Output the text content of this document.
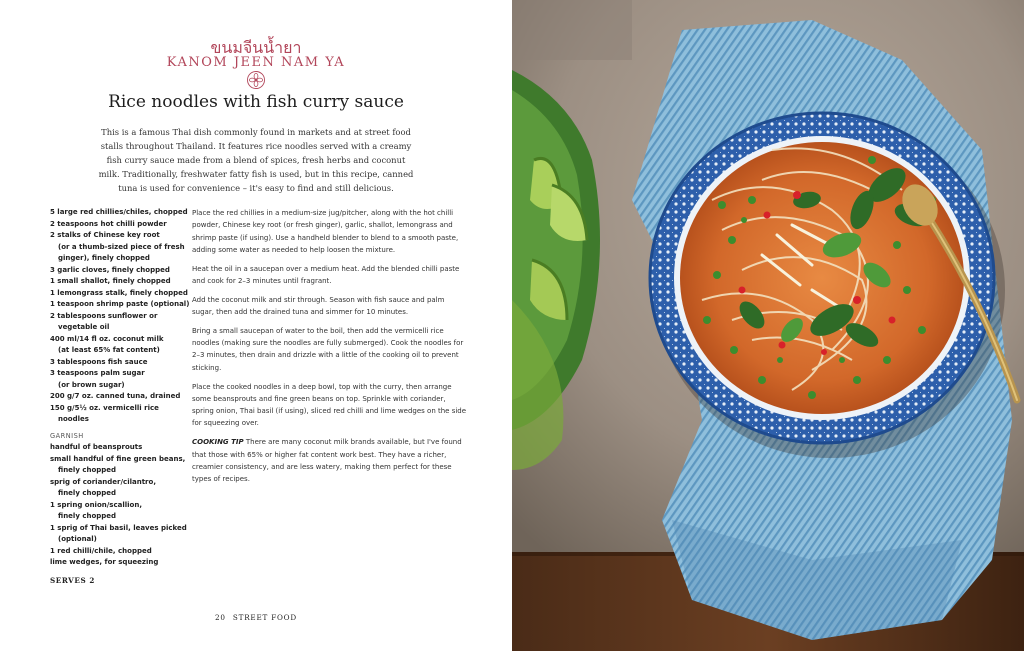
ขนมจีนน้ำยา
KANOM JEEN NAM YA
Rice noodles with fish curry sauce
This is a famous Thai dish commonly found in markets and at street food stalls throughout Thailand. It features rice noodles served with a creamy fish curry sauce made from a blend of spices, fresh herbs and coconut milk. Traditionally, freshwater fatty fish is used, but in this recipe, canned tuna is used for convenience – it's easy to find and still delicious.
5 large red chillies/chiles, chopped
2 teaspoons hot chilli powder
2 stalks of Chinese key root
(or a thumb-sized piece of fresh
ginger), finely chopped
3 garlic cloves, finely chopped
1 small shallot, finely chopped
1 lemongrass stalk, finely chopped
1 teaspoon shrimp paste (optional)
2 tablespoons sunflower or
vegetable oil
400 ml/14 fl oz. coconut milk
(at least 65% fat content)
3 tablespoons fish sauce
3 teaspoons palm sugar
(or brown sugar)
200 g/7 oz. canned tuna, drained
150 g/5½ oz. vermicelli rice
noodles
GARNISH
handful of beansprouts
small handful of fine green beans,
finely chopped
sprig of coriander/cilantro,
finely chopped
1 spring onion/scallion,
finely chopped
1 sprig of Thai basil, leaves picked
(optional)
1 red chilli/chile, chopped
lime wedges, for squeezing
SERVES 2

Place the red chillies in a medium-size jug/pitcher, along with the hot chilli powder, Chinese key root (or fresh ginger), garlic, shallot, lemongrass and shrimp paste (if using). Use a handheld blender to blend to a smooth paste, adding some water as needed to help loosen the mixture.

Heat the oil in a saucepan over a medium heat. Add the blended chilli paste and cook for 2–3 minutes until fragrant.

Add the coconut milk and stir through. Season with fish sauce and palm sugar, then add the drained tuna and simmer for 10 minutes.

Bring a small saucepan of water to the boil, then add the vermicelli rice noodles (making sure the noodles are fully submerged). Cook the noodles for 2–3 minutes, then drain and drizzle with a little of the cooking oil to prevent sticking.

Place the cooked noodles in a deep bowl, top with the curry, then arrange some beansprouts and fine green beans on top. Sprinkle with coriander, spring onion, Thai basil (if using), sliced red chilli and lime wedges on the side for squeezing over.

COOKING TIP There are many coconut milk brands available, but I've found that those with 65% or higher fat content work best. They have a richer, creamier consistency, and are less watery, making them perfect for these types of recipes.

20 STREET FOOD
